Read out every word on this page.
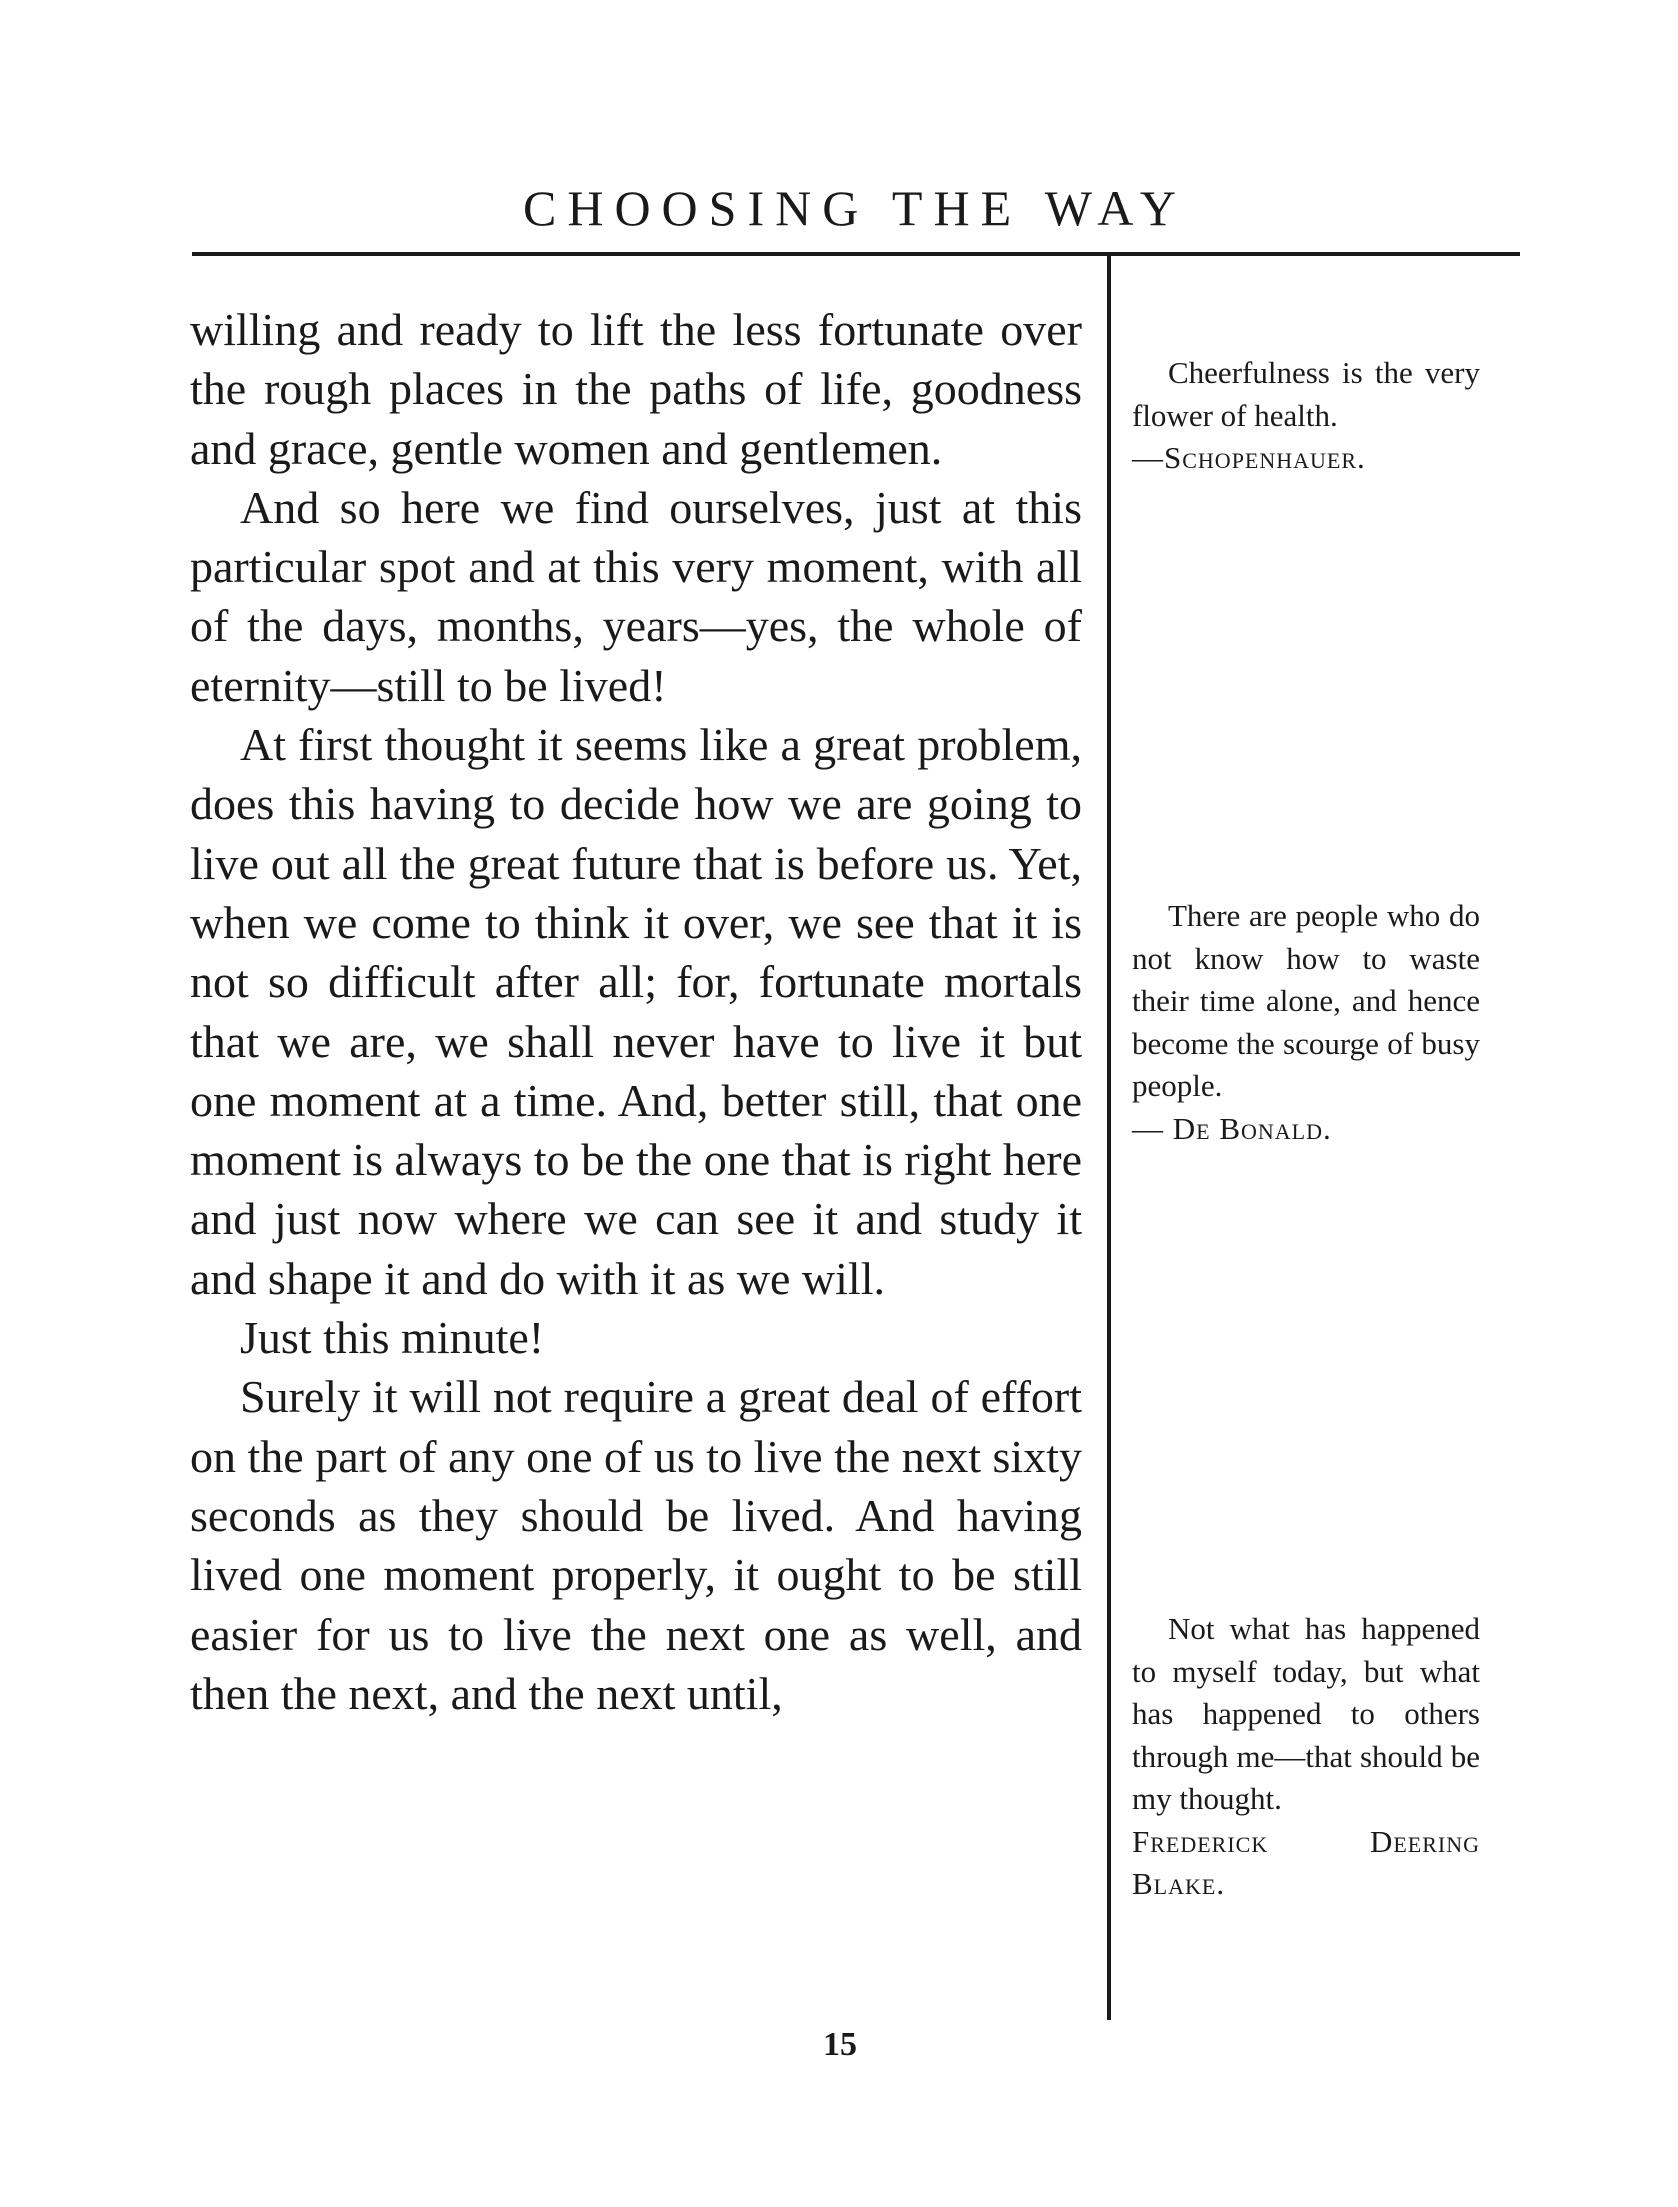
CHOOSING THE WAY

willing and ready to lift the less fortunate over the rough places in the paths of life, goodness and grace, gentle women and gentlemen.

And so here we find ourselves, just at this particular spot and at this very moment, with all of the days, months, years—yes, the whole of eternity—still to be lived!

At first thought it seems like a great problem, does this having to decide how we are going to live out all the great future that is before us. Yet, when we come to think it over, we see that it is not so difficult after all; for, fortunate mortals that we are, we shall never have to live it but one moment at a time. And, better still, that one moment is always to be the one that is right here and just now where we can see it and study it and shape it and do with it as we will.

Just this minute!

Surely it will not require a great deal of effort on the part of any one of us to live the next sixty seconds as they should be lived. And having lived one moment properly, it ought to be still easier for us to live the next one as well, and then the next, and the next until,

Cheerfulness is the very flower of health.
—Schopenhauer.
There are people who do not know how to waste their time alone, and hence become the scourge of busy people.
— De Bonald.
Not what has happened to myself today, but what has happened to others through me—that should be my thought.
Frederick Deering Blake.
15
